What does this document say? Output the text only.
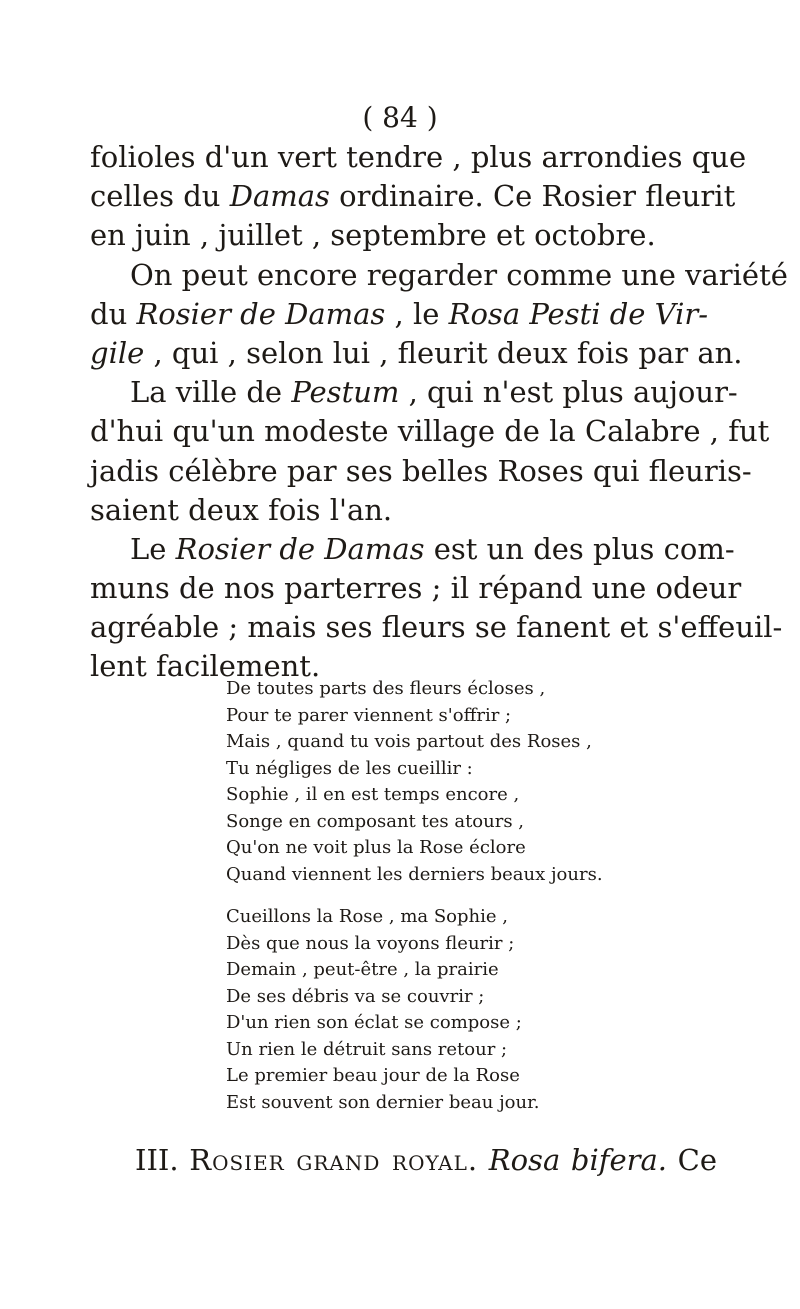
( 84 )
folioles d'un vert tendre , plus arrondies que
celles du Damas ordinaire. Ce Rosier fleurit
en juin , juillet , septembre et octobre.
On peut encore regarder comme une variété
du Rosier de Damas , le Rosa Pesti de Vir-
gile , qui , selon lui , fleurit deux fois par an.
La ville de Pestum , qui n'est plus aujour-
d'hui qu'un modeste village de la Calabre , fut
jadis célèbre par ses belles Roses qui fleuris-
saient deux fois l'an.
Le Rosier de Damas est un des plus com-
muns de nos parterres ; il répand une odeur
agréable ; mais ses fleurs se fanent et s'effeuil-
lent facilement.
De toutes parts des fleurs écloses ,
Pour te parer viennent s'offrir ;
Mais , quand tu vois partout des Roses ,
Tu négliges de les cueillir :
Sophie , il en est temps encore ,
Songe en composant tes atours ,
Qu'on ne voit plus la Rose éclore
Quand viennent les derniers beaux jours.
Cueillons la Rose , ma Sophie ,
Dès que nous la voyons fleurir ;
Demain , peut-être , la prairie
De ses débris va se couvrir ;
D'un rien son éclat se compose ;
Un rien le détruit sans retour ;
Le premier beau jour de la Rose
Est souvent son dernier beau jour.
III. Rosier grand royal. Rosa bifera. Ce
